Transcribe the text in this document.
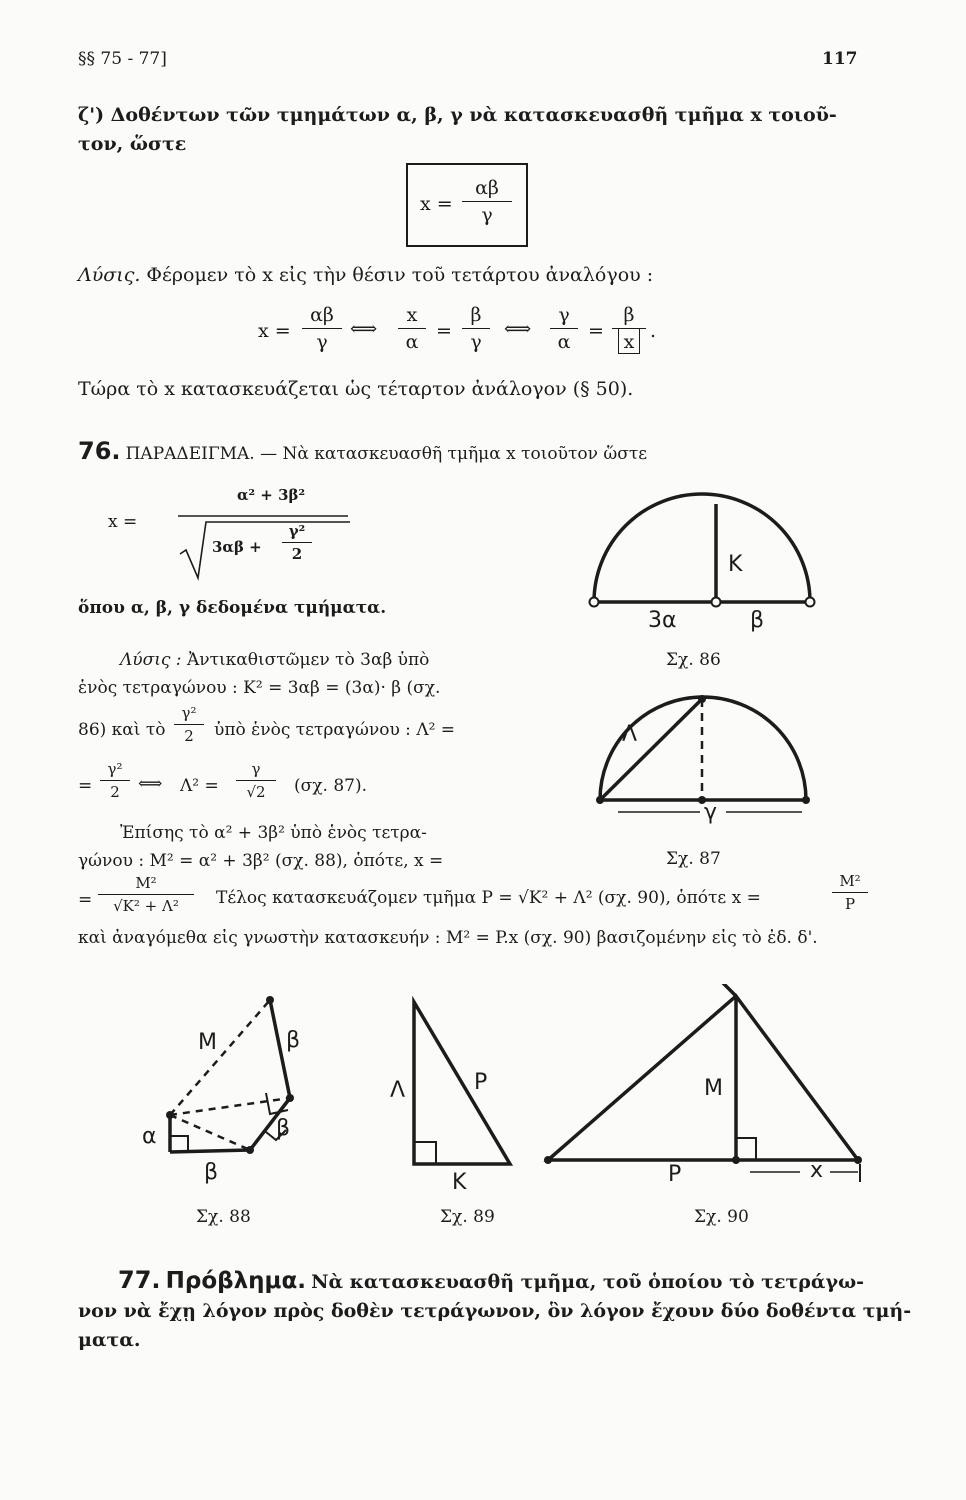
§§ 75 - 77]	117
ζ') Δοθέντων τῶν τμημάτων α, β, γ νὰ κατασκευασθῆ τμῆμα x τοιοῦ-
τον, ὥστε
$x = \frac{\alpha\beta}{\gamma}$
Λύσις. Φέρομεν τὸ x εἰς τὴν θέσιν τοῦ τετάρτου ἀναλόγου :
$x = \frac{\alpha\beta}{\gamma}$ ⟺ $\frac{x}{\alpha} = \frac{\beta}{\gamma}$ ⟺ $\frac{\gamma}{\alpha} = \frac{\beta}{x}$ .
Τώρα τὸ x κατασκευάζεται ὡς τέταρτον ἀνάλογον (§ 50).
76. ΠΑΡΑΔΕΙΓΜΑ. — Νὰ κατασκευασθῆ τμῆμα x τοιοῦτον ὥστε
x =
α² + 3β²
$3\alpha\beta + \frac{\text{γ²}}{2}$
ὅπου α, β, γ δεδομένα τμήματα.
Λύσις : Ἀντικαθιστῶμεν τὸ 3αβ ὑπὸ
ἑνὸς τετραγώνου : K² = 3αβ = (3α)· β (σχ.
86) καὶ τὸ $\frac{\text{γ²}}{2}$ ὑπὸ ἑνὸς τετραγώνου : Λ² =
= $\frac{\text{γ²}}{2}$ ⟺ $\Lambda^2 = \frac{\gamma}{√2} (\sigma\chi$. 87).
Ἐπίσης τὸ α² + 3β² ὑπὸ ἑνὸς τετρα-
γώνου : M² = α² + 3β² (σχ. 88), ὁπότε, x =
= $\frac{\text{M²}}{\text{√K² + Λ²}}$ Τέλος κατασκευάζομεν τμῆμα P = √K² + Λ² (σχ. 90), ὁπότε x =	$\frac{\text{M²}}{P}$
καὶ ἀναγόμεθα εἰς γνωστὴν κατασκευήν : M² = P.x (σχ. 90) βασιζομένην εἰς τὸ ἐδ. δ'.
K
3α	β
Σχ. 86
Λ
γ
Σχ. 87
M	β
β
α
β
Σχ. 88
Λ	P
K
Σχ. 89
M
P	x
Σχ. 90
77. Πρόβλημα. Νὰ κατασκευασθῆ τμῆμα, τοῦ ὁποίου τὸ τετράγω-
νον νὰ ἔχῃ λόγον πρὸς δοθὲν τετράγωνον, ὃν λόγον ἔχουν δύο δοθέντα τμή-
ματα.
